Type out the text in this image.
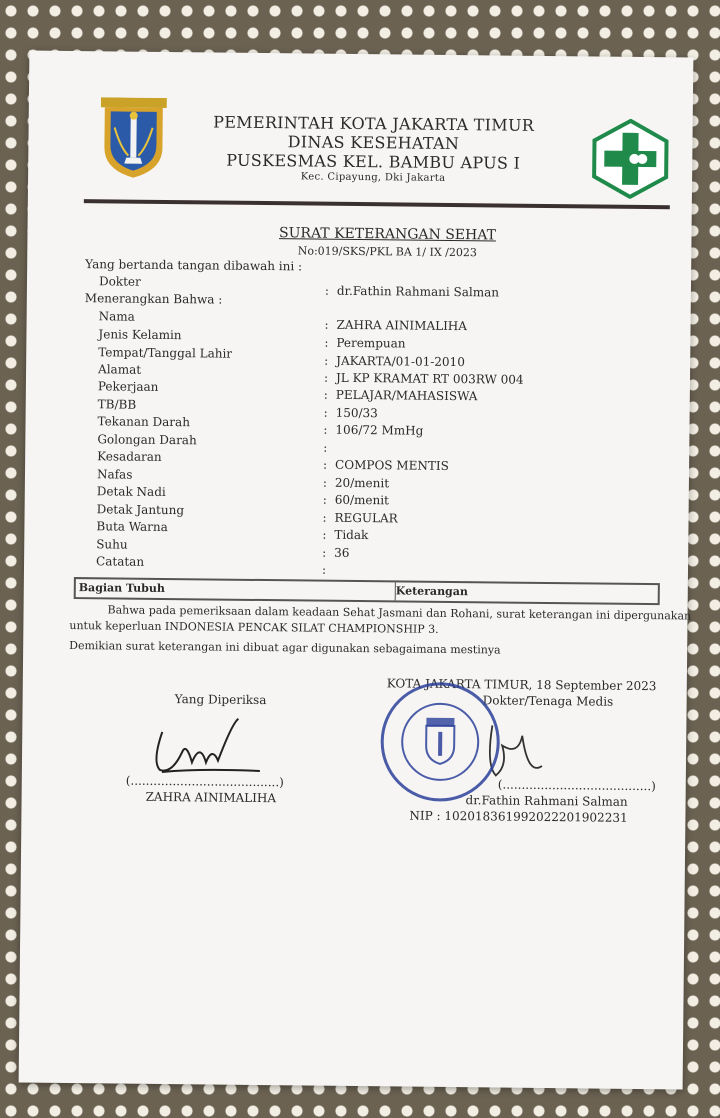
PEMERINTAH KOTA JAKARTA TIMUR
DINAS KESEHATAN
PUSKESMAS KEL. BAMBU APUS I
Kec. Cipayung, Dki Jakarta
SURAT KETERANGAN SEHAT
No:019/SKS/PKL BA 1/ IX /2023
Yang bertanda tangan dibawah ini :
Dokter
: dr.Fathin Rahmani Salman
Menerangkan Bahwa :
Nama
: ZAHRA AINIMALIHA
Jenis Kelamin
: Perempuan
Tempat/Tanggal Lahir	: JAKARTA/01-01-2010
Alamat
: JL KP KRAMAT RT 003RW 004
Pekerjaan
: PELAJAR/MAHASISWA
TB/BB
: 150/33
Tekanan Darah
: 106/72 MmHg
Golongan Darah
:
Kesadaran
: COMPOS MENTIS
Nafas
: 20/menit
Detak Nadi
: 60/menit
Detak Jantung
: REGULAR
Buta Warna
: Tidak
Suhu
: 36
Catatan
:
Bagian Tubuh	Keterangan
Bahwa pada pemeriksaan dalam keadaan Sehat Jasmani dan Rohani, surat keterangan ini dipergunakan
untuk keperluan INDONESIA PENCAK SILAT CHAMPIONSHIP 3.
Demikian surat keterangan ini dibuat agar digunakan sebagaimana mestinya
KOTA JAKARTA TIMUR, 18 September 2023
Yang Diperiksa
(.......................................)
ZAHRA AINIMALIHA
Dokter/Tenaga Medis
(.......................................)
dr.Fathin Rahmani Salman
NIP : 102018361992022201902231
